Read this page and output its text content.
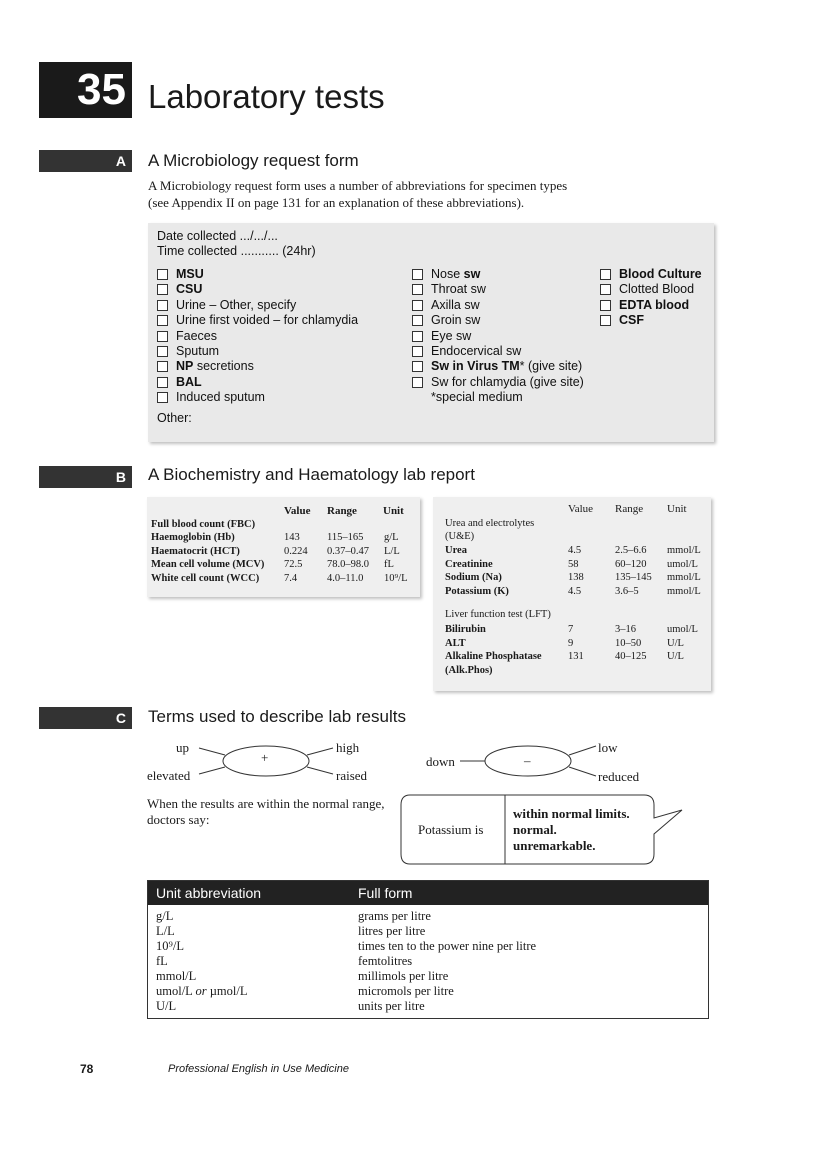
35 Laboratory tests
A A Microbiology request form
A Microbiology request form uses a number of abbreviations for specimen types (see Appendix II on page 131 for an explanation of these abbreviations).
Date collected .../.../...
Time collected ........... (24hr)
MSU
CSU
Urine – Other, specify
Urine first voided – for chlamydia
Faeces
Sputum
NP secretions
BAL
Induced sputum
Nose sw
Throat sw
Axilla sw
Groin sw
Eye sw
Endocervical sw
Sw in Virus TM* (give site)
Sw for chlamydia (give site)
Blood Culture
Clotted Blood
EDTA blood
CSF
*special medium
Other:
B A Biochemistry and Haematology lab report
Value Range Unit
Full blood count (FBC)
Haemoglobin (Hb)	143	115–165 g/L
Haematocrit (HCT)	0.224 0.37–0.47 L/L
Mean cell volume (MCV) 72.5 78.0–98.0 fL
White cell count (WCC) 7.4	4.0–11.0 10⁹/L
Value Range Unit
Urea and electrolytes
(U&E)
Urea	4.5	2.5–6.6 mmol/L
Creatinine	58	60–120 umol/L
Sodium (Na)	138	135–145 mmol/L
Potassium (K)	4.5	3.6–5	mmol/L
Liver function test (LFT)
Bilirubin	7	3–16	umol/L
ALT	9	10–50 U/L
Alkaline Phosphatase	131	40–125 U/L
(Alk.Phos)
C Terms used to describe lab results
+
up
elevated
high
raised
–
down
low
reduced
When the results are within the normal range, doctors say:
Potassium is
within normal limits.
normal.
unremarkable.
Unit abbreviation	Full form
g/L	grams per litre
L/L	litres per litre
10⁹/L	times ten to the power nine per litre
fL	femtolitres
mmol/L	millimols per litre
umol/L or µmol/L	micromols per litre
U/L	units per litre
78	Professional English in Use Medicine
